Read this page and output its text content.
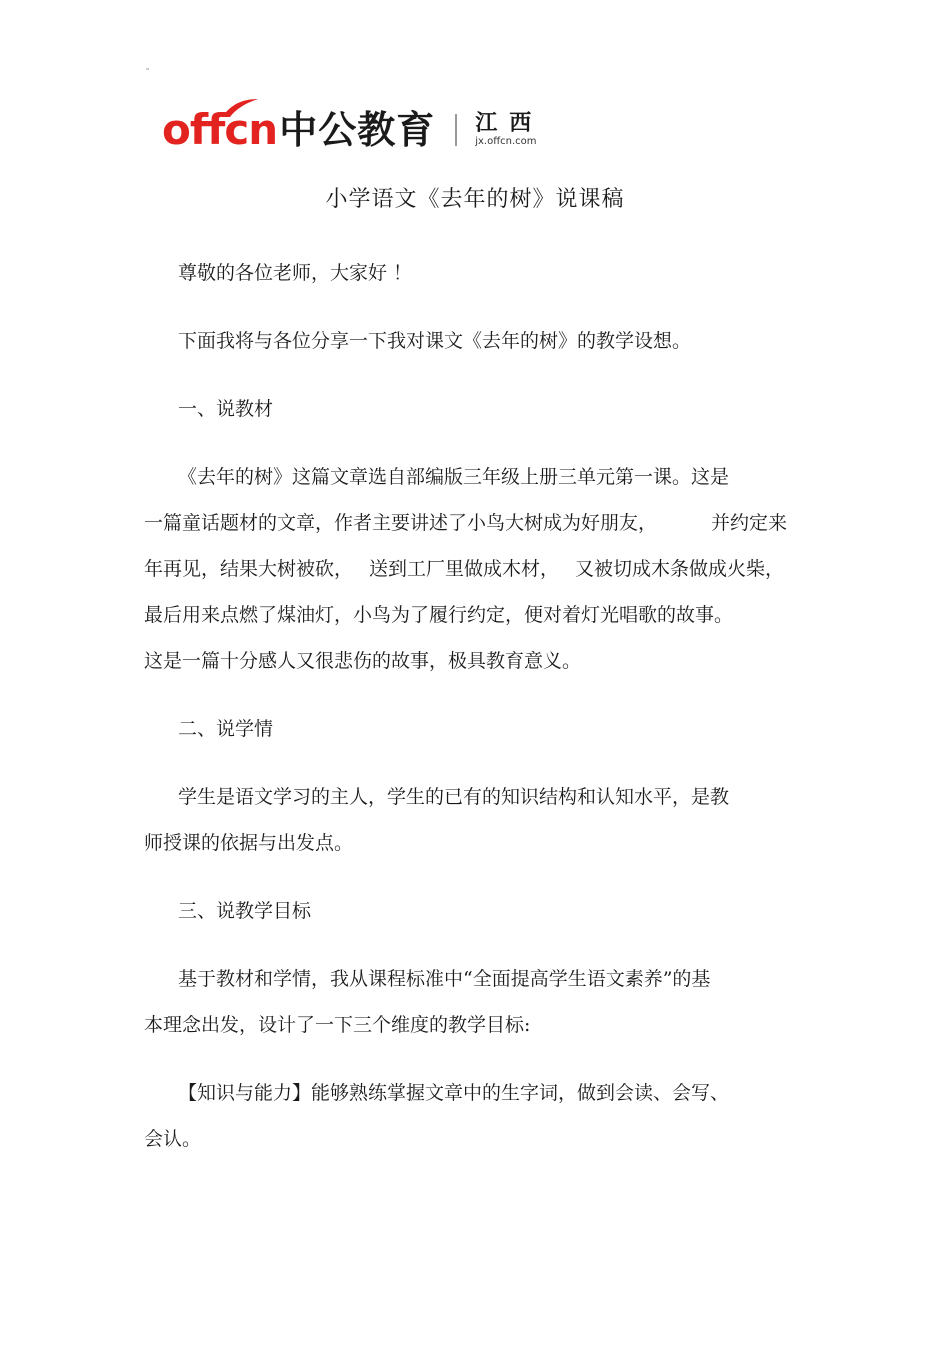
offcn 中公教育 江西
jx.offcn.com
小学语文《去年的树》说课稿

尊敬的各位老师，大家好 ！

下面我将与各位分享一下我对课文《去年的树》的教学设想。

一、说教材

《去年的树》这篇文章选自部编版三年级上册三单元第一课。这是
一篇童话题材的文章，作者主要讲述了小鸟大树成为好朋友，	并约定来
年再见，结果大树被砍， 送到工厂里做成木材， 又被切成木条做成火柴，
最后用来点燃了煤油灯，小鸟为了履行约定，便对着灯光唱歌的故事。
这是一篇十分感人又很悲伤的故事，极具教育意义。

二、说学情

学生是语文学习的主人，学生的已有的知识结构和认知水平，是教
师授课的依据与出发点。

三、说教学目标

基于教材和学情，我从课程标准中“全面提高学生语文素养”的基
本理念出发，设计了一下三个维度的教学目标:
【知识与能力】能够熟练掌握文章中的生字词，做到会读、会写、
会认。
